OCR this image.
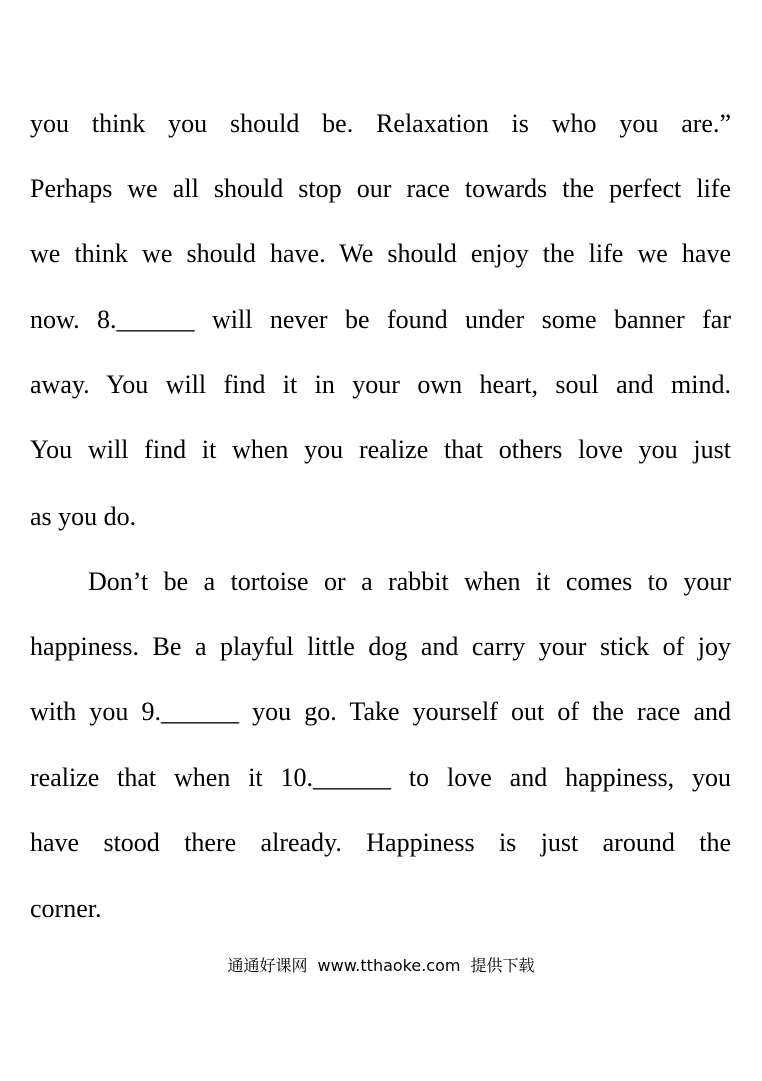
you think you should be. Relaxation is who you are.”
Perhaps we all should stop our race towards the perfect life
we think we should have. We should enjoy the life we have
now. 8.______ will never be found under some banner far
away. You will find it in your own heart, soul and mind.
You will find it when you realize that others love you just
as you do.
Don’t be a tortoise or a rabbit when it comes to your
happiness. Be a playful little dog and carry your stick of joy
with you 9.______ you go. Take yourself out of the race and
realize that when it 10.______ to love and happiness, you
have stood there already. Happiness is just around the
corner.
通通好课网 www.tthaoke.com 提供下载
